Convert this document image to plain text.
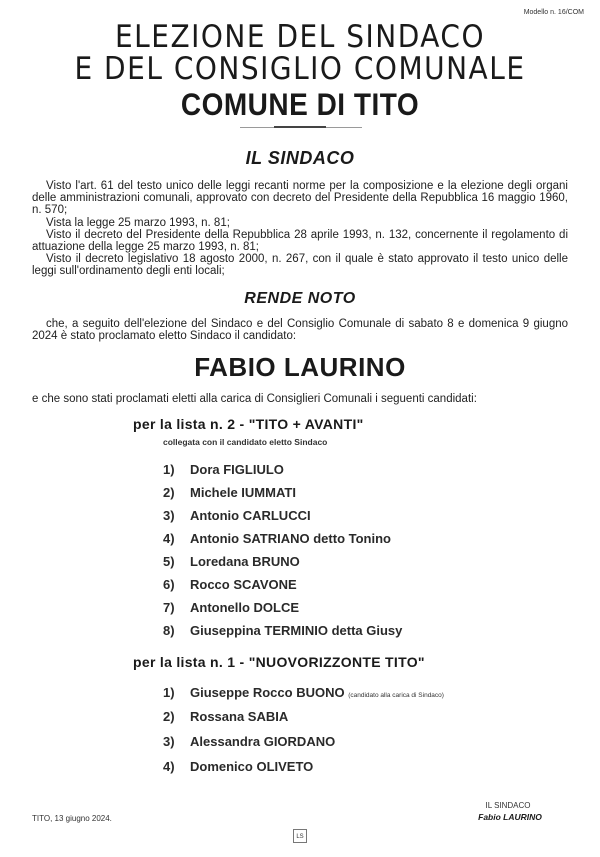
Modello n. 16/COM
ELEZIONE DEL SINDACO
E DEL CONSIGLIO COMUNALE
COMUNE DI TITO
IL SINDACO

Visto l'art. 61 del testo unico delle leggi recanti norme per la composizione e la elezione degli organi delle amministrazioni comunali, approvato con decreto del Presidente della Repubblica 16 maggio 1960, n. 570;

Vista la legge 25 marzo 1993, n. 81;

Visto il decreto del Presidente della Repubblica 28 aprile 1993, n. 132, concernente il regolamento di attuazione della legge 25 marzo 1993, n. 81;

Visto il decreto legislativo 18 agosto 2000, n. 267, con il quale è stato approvato il testo unico delle leggi sull'ordinamento degli enti locali;

RENDE NOTO

che, a seguito dell'elezione del Sindaco e del Consiglio Comunale di sabato 8 e domenica 9 giugno 2024 è stato proclamato eletto Sindaco il candidato:

FABIO LAURINO

e che sono stati proclamati eletti alla carica di Consiglieri Comunali i seguenti candidati:

per la lista n. 2 - "TITO + AVANTI"
collegata con il candidato eletto Sindaco
1) Dora FIGLIULO
2) Michele IUMMATI
3) Antonio CARLUCCI
4) Antonio SATRIANO detto Tonino
5) Loredana BRUNO
6) Rocco SCAVONE
7) Antonello DOLCE
8) Giuseppina TERMINIO detta Giusy
per la lista n. 1 - "NUOVORIZZONTE TITO"
1) Giuseppe Rocco BUONO (candidato alla carica di Sindaco)
2) Rossana SABIA
3) Alessandra GIORDANO
4) Domenico OLIVETO
TITO, 13 giugno 2024.
IL SINDACO
Fabio LAURINO
LS
